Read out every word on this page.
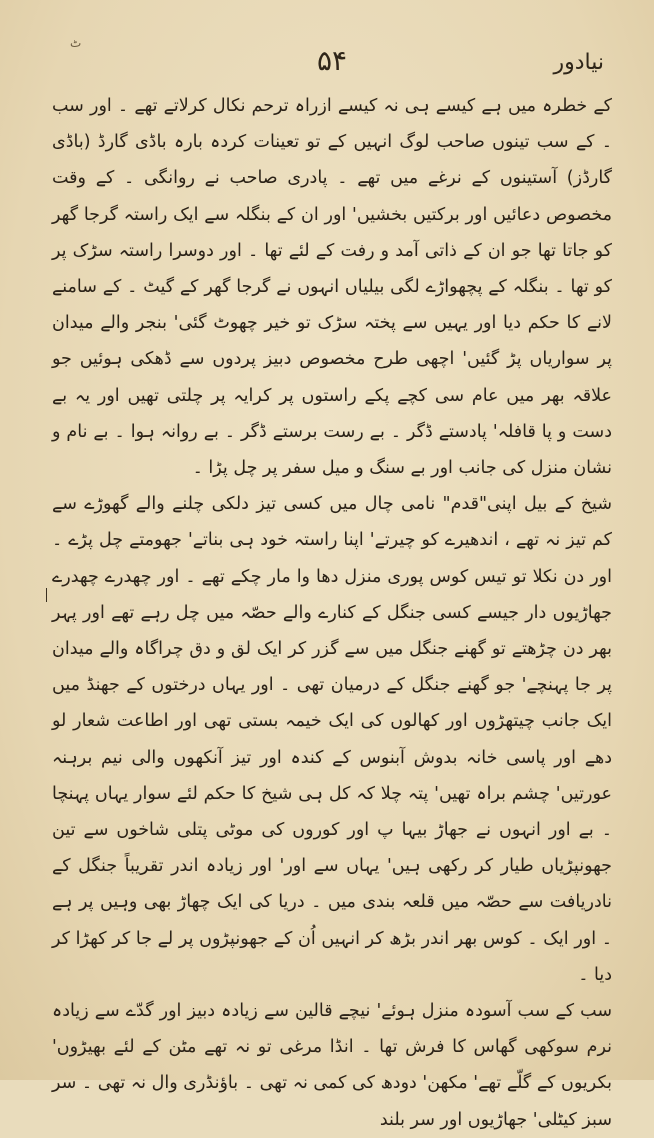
ٹ
نیادور
۵۴

کے خطرہ میں ہے کیسے ہی نہ کیسے ازراہ ترحم نکال کرلاتے تھے ۔ اور سب ۔ کے سب تینوں صاحب لوگ انہیں کے تو تعینات کردہ بارہ باڈی گارڈ (باڈی گارڈز) آستینوں کے نرغے میں تھے ۔ پادری صاحب نے روانگی ۔ کے وقت مخصوص دعائیں اور برکتیں بخشیں' اور ان کے بنگلہ سے ایک راستہ گرجا گھر کو جاتا تھا جو ان کے ذاتی آمد و رفت کے لئے تھا ۔ اور دوسرا راستہ سڑک پر کو تھا ۔ بنگلہ کے پچھواڑے لگی بیلیاں انہوں نے گرجا گھر کے گیٹ ۔ کے سامنے لانے کا حکم دیا اور یہیں سے پختہ سڑک تو خیر چھوٹ گئی' بنجر والے میدان پر سواریاں پڑ گئیں' اچھی طرح مخصوص دبیز پردوں سے ڈھکی ہوئیں جو علاقہ بھر میں عام سی کچے پکے راستوں پر کرایہ پر چلتی تھیں اور یہ بے دست و پا قافلہ' پادستے ڈگر ۔ بے رست برستے ڈگر ۔ بے روانہ ہوا ۔ بے نام و نشان منزل کی جانب اور بے سنگ و میل سفر پر چل پڑا ۔

شیخ کے بیل اپنی"قدم" نامی چال میں کسی تیز دلکی چلنے والے گھوڑے سے کم تیز نہ تھے ، اندھیرے کو چیرتے' اپنا راستہ خود ہی بناتے' جھومتے چل پڑے ۔ اور دن نکلا تو تیس کوس پوری منزل دھا وا مار چکے تھے ۔ اور چھدرے چھدرے جھاڑیوں دار جیسے کسی جنگل کے کنارے والے حصّہ میں چل رہے تھے اور پہر بھر دن چڑھتے تو گھنے جنگل میں سے گزر کر ایک لق و دق چراگاہ والے میدان پر جا پہنچے' جو گھنے جنگل کے درمیان تھی ۔ اور یہاں درختوں کے جھنڈ میں ایک جانب چیتھڑوں اور کھالوں کی ایک خیمہ بستی تھی اور اطاعت شعار لو دھے اور پاسی خانہ بدوش آبنوس کے کندہ اور تیز آنکھوں والی نیم برہنہ عورتیں' چشم براہ تھیں' پتہ چلا کہ کل ہی شیخ کا حکم لئے سوار یہاں پہنچا ۔ بے اور انہوں نے جھاڑ بیہا پ اور کوروں کی موٹی پتلی شاخوں سے تین جھونپڑیاں طیار کر رکھی ہیں' یہاں سے اور' اور زیادہ اندر تقریباً جنگل کے نادریافت سے حصّہ میں قلعہ بندی میں ۔ دریا کی ایک چھاڑ بھی وہیں پر ہے ۔ اور ایک ۔ کوس بھر اندر بڑھ کر انہیں اُن کے جھونپڑوں پر لے جا کر کھڑا کر دیا ۔

سب کے سب آسودہ منزل ہوئے' نیچے قالین سے زیادہ دبیز اور گدّے سے زیادہ نرم سوکھی گھاس کا فرش تھا ۔ انڈا مرغی تو نہ تھے مٹن کے لئے بھیڑوں' بکریوں کے گلّے تھے' مکھن' دودھ کی کمی نہ تھی ۔ باؤنڈری وال نہ تھی ۔ سر سبز کیٹلی' جھاڑیوں اور سر بلند
